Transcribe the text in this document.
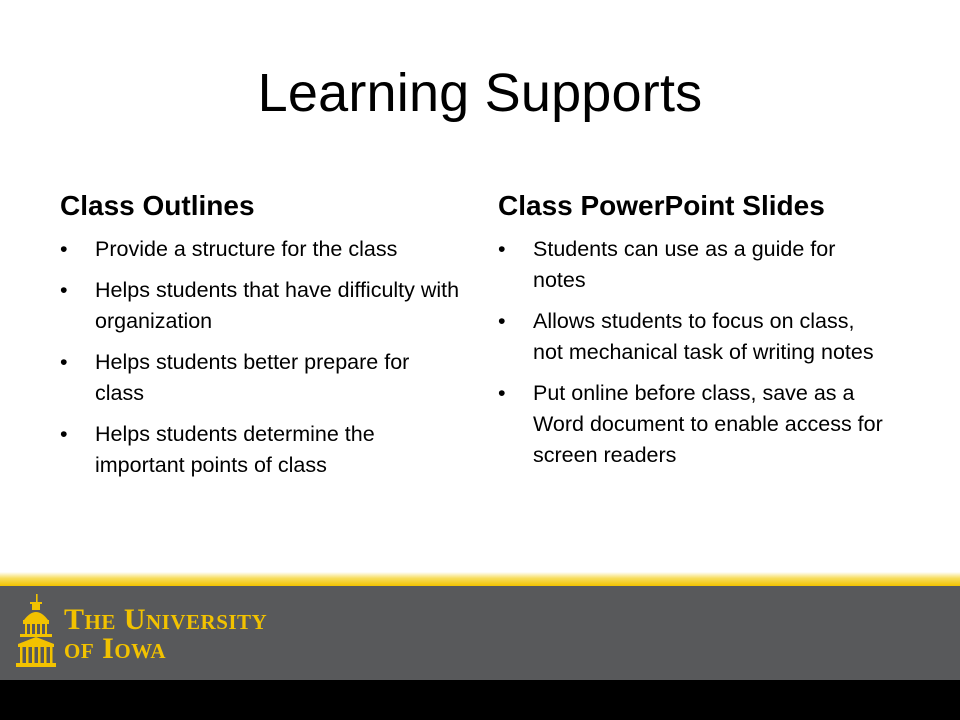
Learning Supports
Class Outlines
• Provide a structure for the class
• Helps students that have difficulty with organization
• Helps students better prepare for class
• Helps students determine the important points of class
Class PowerPoint Slides
• Students can use as a guide for notes
• Allows students to focus on class, not mechanical task of writing notes
• Put online before class, save as a Word document to enable access for screen readers
The University
of Iowa
